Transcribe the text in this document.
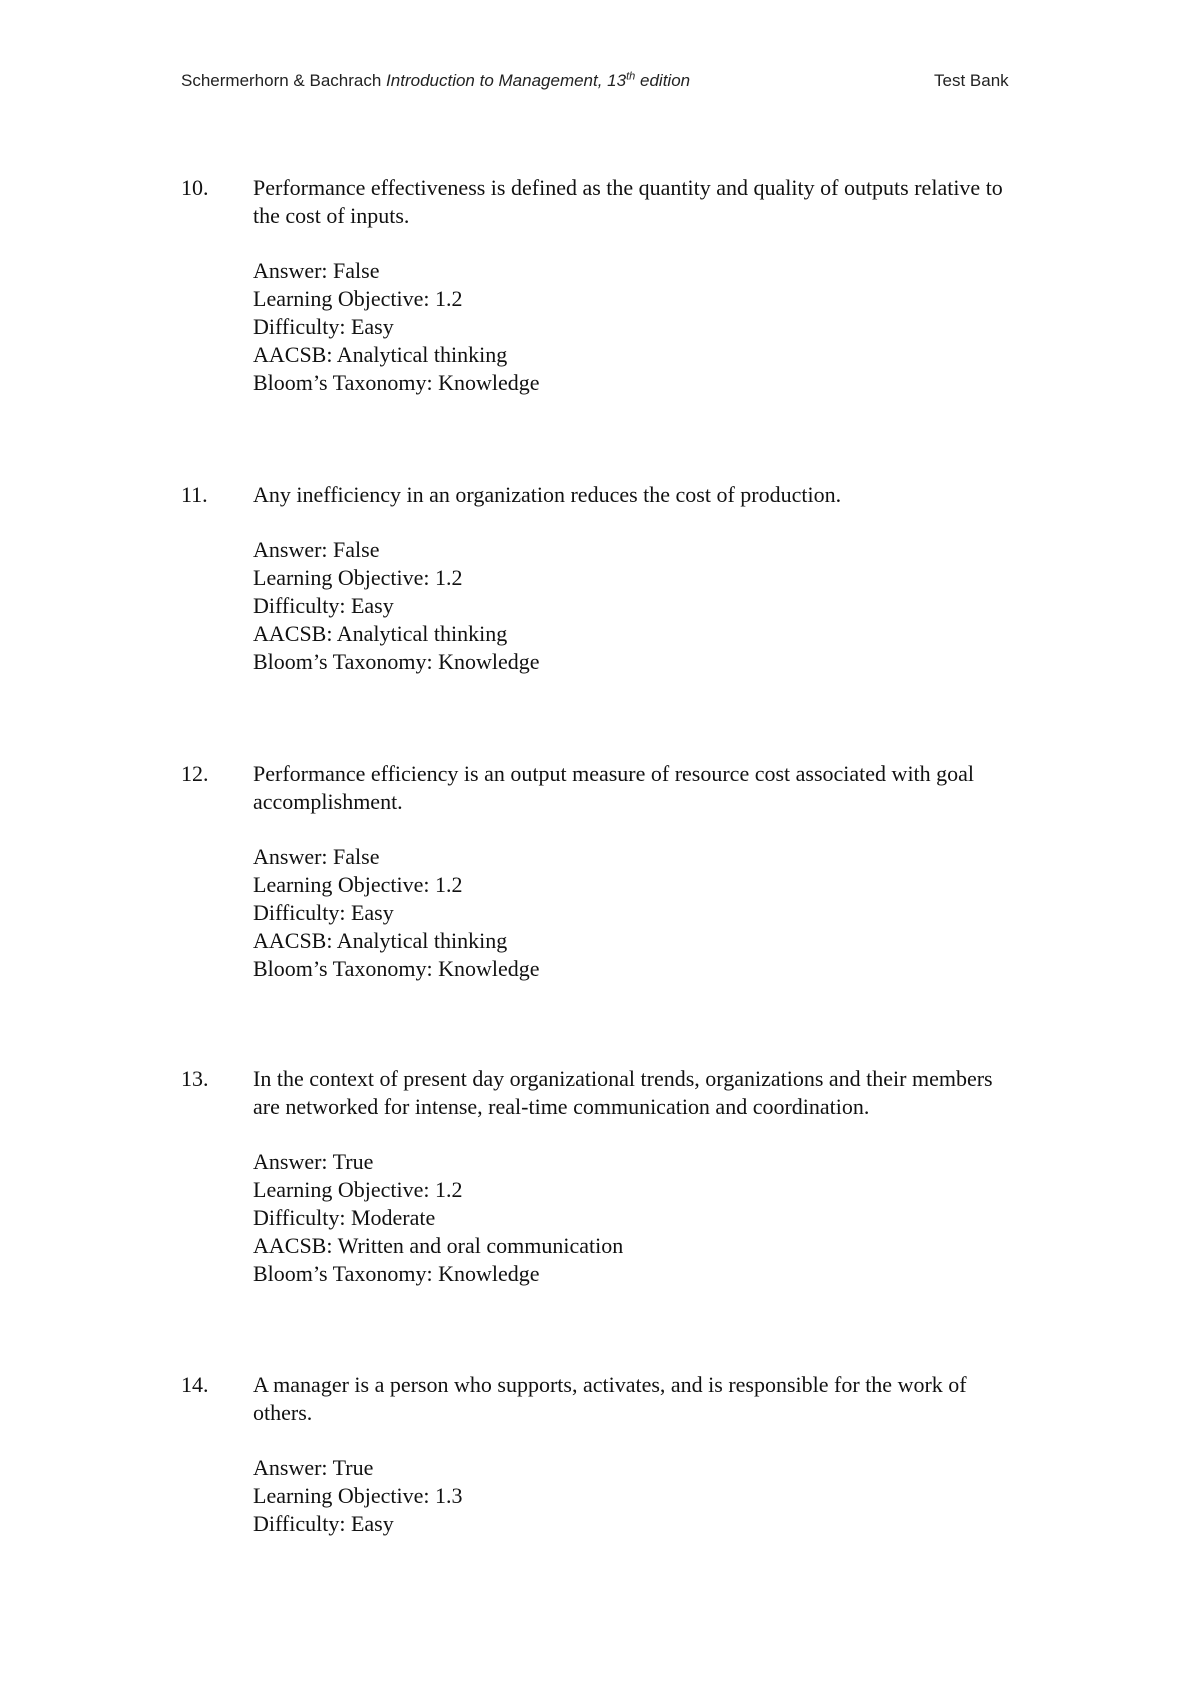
Schermerhorn & Bachrach Introduction to Management, 13th edition	Test Bank
10. Performance effectiveness is defined as the quantity and quality of outputs relative to
the cost of inputs.
Answer: False
Learning Objective: 1.2
Difficulty: Easy
AACSB: Analytical thinking
Bloom’s Taxonomy: Knowledge
11. Any inefficiency in an organization reduces the cost of production.
Answer: False
Learning Objective: 1.2
Difficulty: Easy
AACSB: Analytical thinking
Bloom’s Taxonomy: Knowledge
12. Performance efficiency is an output measure of resource cost associated with goal
accomplishment.
Answer: False
Learning Objective: 1.2
Difficulty: Easy
AACSB: Analytical thinking
Bloom’s Taxonomy: Knowledge
13. In the context of present day organizational trends, organizations and their members
are networked for intense, real-time communication and coordination.
Answer: True
Learning Objective: 1.2
Difficulty: Moderate
AACSB: Written and oral communication
Bloom’s Taxonomy: Knowledge
14. A manager is a person who supports, activates, and is responsible for the work of
others.
Answer: True
Learning Objective: 1.3
Difficulty: Easy
